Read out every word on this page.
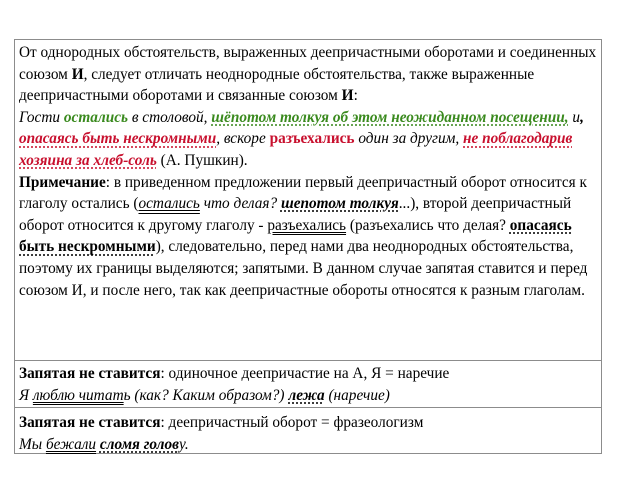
От однородных обстоятельств, выраженных деепричастными оборотами и соединенных союзом И, следует отличать неоднородные обстоятельства, также выраженные деепричастными оборотами и связанные союзом И:
Гости остались в столовой, шёпотом толкуя об этом неожиданном посещении, и, опасаясь быть нескромными, вскоре разъехались один за другим, не поблагодарив хозяина за хлеб-соль (А. Пушкин).
Примечание: в приведенном предложении первый деепричастный оборот относится к глаголу остались (остались что делая? шепотом толкуя...), второй деепричастный оборот относится к другому глаголу - разъехались (разъехались что делая? опасаясь быть нескромными), следовательно, перед нами два неоднородных обстоятельства, поэтому их границы выделяются; запятыми. В данном случае запятая ставится и перед союзом И, и после него, так как деепричастные обороты относятся к разным глаголам.
Запятая не ставится: одиночное деепричастие на А, Я = наречие
Я люблю читать (как? Каким образом?) лежа (наречие)
Запятая не ставится: деепричастный оборот = фразеологизм
Мы бежали сломя голову.
